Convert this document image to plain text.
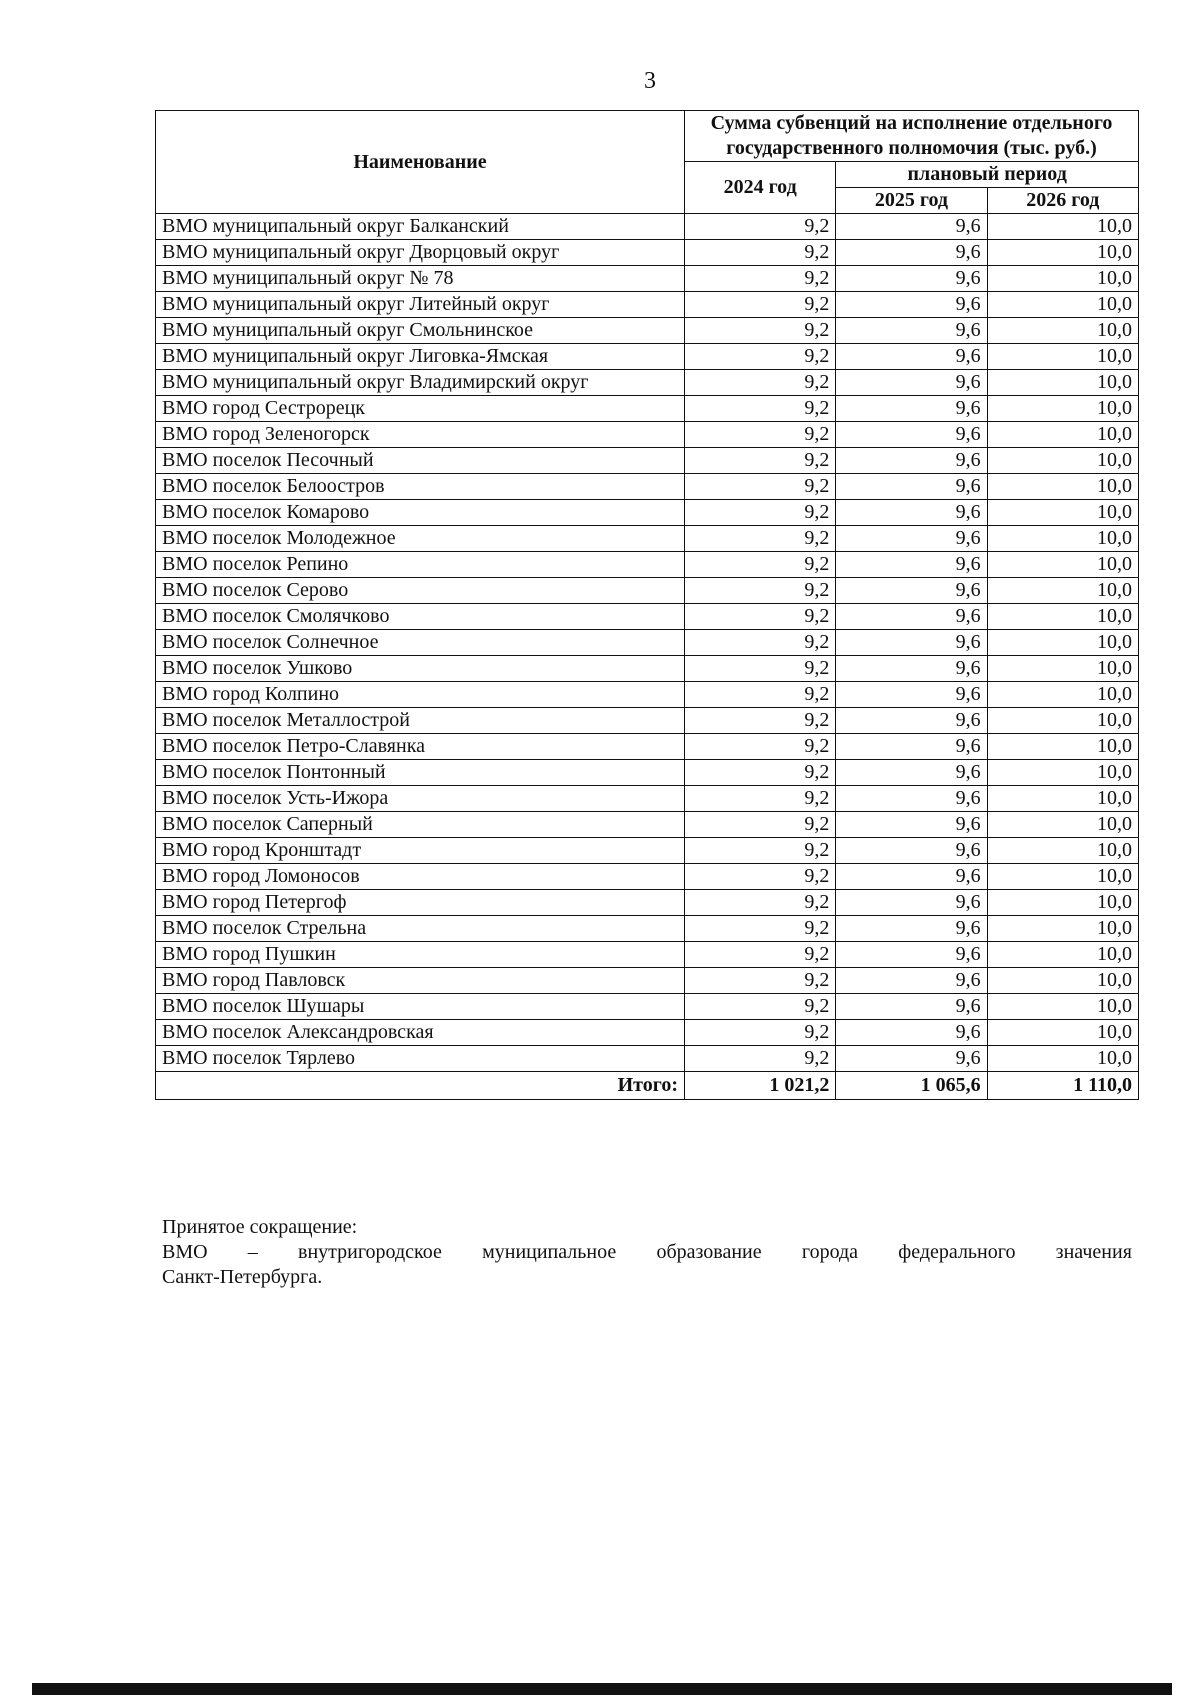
3
Наименование	Сумма субвенций на исполнение отдельного государственного полномочия (тыс. руб.)		
	2024 год	плановый период	
		2025 год	2026 год
ВМО муниципальный округ Балканский	9,2	9,6	10,0
ВМО муниципальный округ Дворцовый округ	9,2	9,6	10,0
ВМО муниципальный округ № 78	9,2	9,6	10,0
ВМО муниципальный округ Литейный округ	9,2	9,6	10,0
ВМО муниципальный округ Смольнинское	9,2	9,6	10,0
ВМО муниципальный округ Лиговка-Ямская	9,2	9,6	10,0
ВМО муниципальный округ Владимирский округ	9,2	9,6	10,0
ВМО город Сестрорецк	9,2	9,6	10,0
ВМО город Зеленогорск	9,2	9,6	10,0
ВМО поселок Песочный	9,2	9,6	10,0
ВМО поселок Белоостров	9,2	9,6	10,0
ВМО поселок Комарово	9,2	9,6	10,0
ВМО поселок Молодежное	9,2	9,6	10,0
ВМО поселок Репино	9,2	9,6	10,0
ВМО поселок Серово	9,2	9,6	10,0
ВМО поселок Смолячково	9,2	9,6	10,0
ВМО поселок Солнечное	9,2	9,6	10,0
ВМО поселок Ушково	9,2	9,6	10,0
ВМО город Колпино	9,2	9,6	10,0
ВМО поселок Металлострой	9,2	9,6	10,0
ВМО поселок Петро-Славянка	9,2	9,6	10,0
ВМО поселок Понтонный	9,2	9,6	10,0
ВМО поселок Усть-Ижора	9,2	9,6	10,0
ВМО поселок Саперный	9,2	9,6	10,0
ВМО город Кронштадт	9,2	9,6	10,0
ВМО город Ломоносов	9,2	9,6	10,0
ВМО город Петергоф	9,2	9,6	10,0
ВМО поселок Стрельна	9,2	9,6	10,0
ВМО город Пушкин	9,2	9,6	10,0
ВМО город Павловск	9,2	9,6	10,0
ВМО поселок Шушары	9,2	9,6	10,0
ВМО поселок Александровская	9,2	9,6	10,0
ВМО поселок Тярлево	9,2	9,6	10,0
Итого:	1 021,2	1 065,6	1 110,0
Принятое сокращение:
ВМО – внутригородское муниципальное образование города федерального значения
Санкт-Петербурга.
